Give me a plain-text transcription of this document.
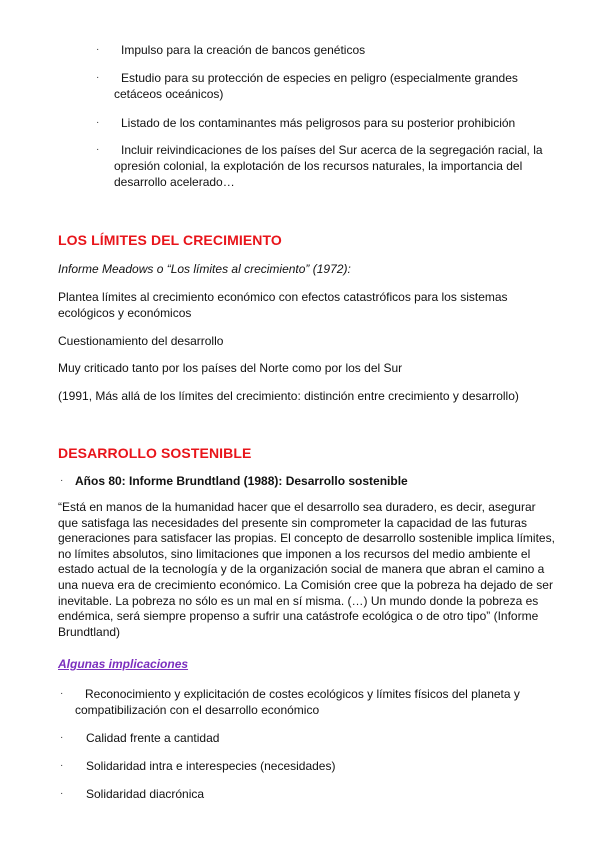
· Impulso para la creación de bancos genéticos
·	Estudio para su protección de especies en peligro (especialmente grandes cetáceos oceánicos)
· Listado de los contaminantes más peligrosos para su posterior prohibición
·	Incluir reivindicaciones de los países del Sur acerca de la segregación racial, la opresión colonial, la explotación de los recursos naturales, la importancia del desarrollo acelerado…
LOS LÍMITES DEL CRECIMIENTO
Informe Meadows o “Los límites al crecimiento” (1972):
Plantea límites al crecimiento económico con efectos catastróficos para los sistemas ecológicos y económicos
Cuestionamiento del desarrollo
Muy criticado tanto por los países del Norte como por los del Sur
(1991, Más allá de los límites del crecimiento: distinción entre crecimiento y desarrollo)
DESARROLLO SOSTENIBLE
· Años 80: Informe Brundtland (1988): Desarrollo sostenible
“Está en manos de la humanidad hacer que el desarrollo sea duradero, es decir, asegurar que satisfaga las necesidades del presente sin comprometer la capacidad de las futuras generaciones para satisfacer las propias. El concepto de desarrollo sostenible implica límites, no límites absolutos, sino limitaciones que imponen a los recursos del medio ambiente el estado actual de la tecnología y de la organización social de manera que abran el camino a una nueva era de crecimiento económico. La Comisión cree que la pobreza ha dejado de ser inevitable. La pobreza no sólo es un mal en sí misma. (…) Un mundo donde la pobreza es endémica, será siempre propenso a sufrir una catástrofe ecológica o de otro tipo” (Informe Brundtland)
Algunas implicaciones
·	Reconocimiento y explicitación de costes ecológicos y límites físicos del planeta y compatibilización con el desarrollo económico
· Calidad frente a cantidad
· Solidaridad intra e interespecies (necesidades)
· Solidaridad diacrónica
